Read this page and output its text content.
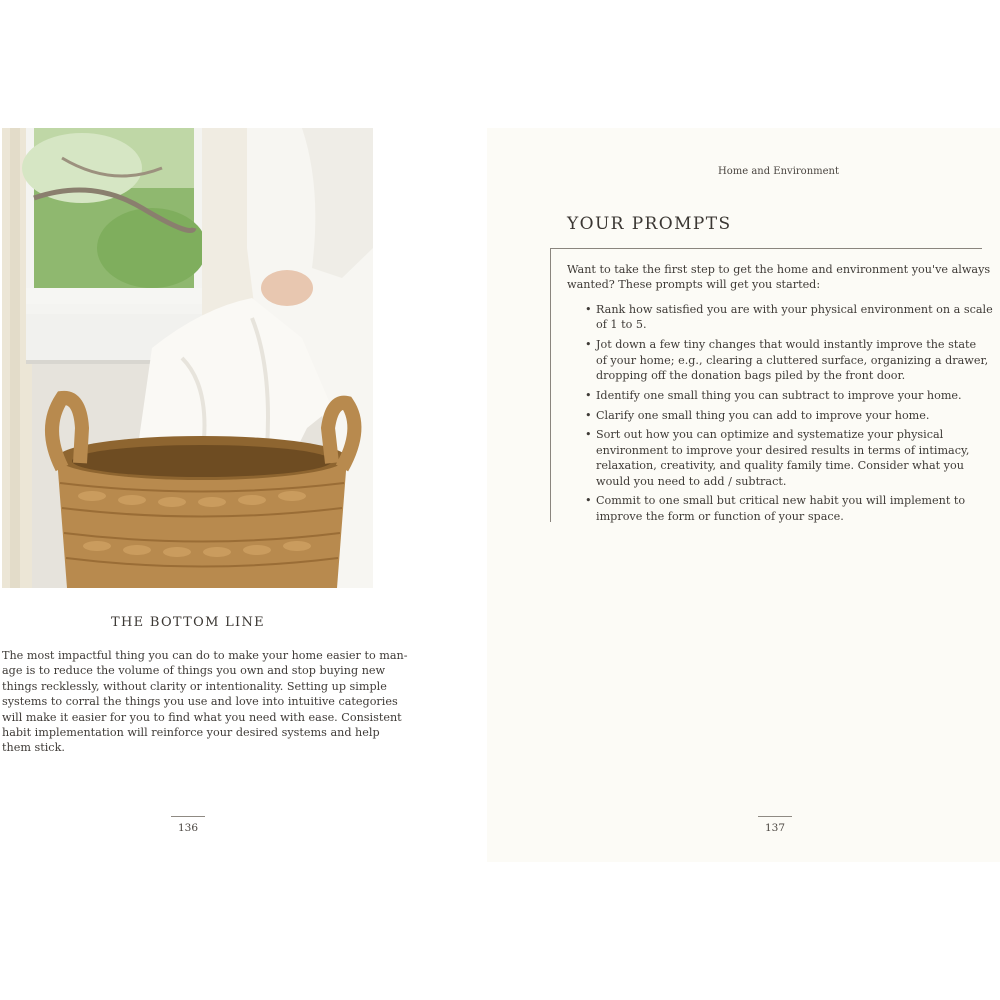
THE BOTTOM LINE

The most impactful thing you can do to make your home easier to man-
age is to reduce the volume of things you own and stop buying new
things recklessly, without clarity or intentionality. Setting up simple
systems to corral the things you use and love into intuitive categories
will make it easier for you to find what you need with ease. Consistent
habit implementation will reinforce your desired systems and help
them stick.

136
Home and Environment
YOUR PROMPTS

Want to take the first step to get the home and environment you've always
wanted? These prompts will get you started:

• Rank how satisfied you are with your physical environment on a scale
of 1 to 5.
• Jot down a few tiny changes that would instantly improve the state
of your home; e.g., clearing a cluttered surface, organizing a drawer,
dropping off the donation bags piled by the front door.
• Identify one small thing you can subtract to improve your home.
• Clarify one small thing you can add to improve your home.
• Sort out how you can optimize and systematize your physical
environment to improve your desired results in terms of intimacy,
relaxation, creativity, and quality family time. Consider what you
would you need to add / subtract.
• Commit to one small but critical new habit you will implement to
improve the form or function of your space.
137
